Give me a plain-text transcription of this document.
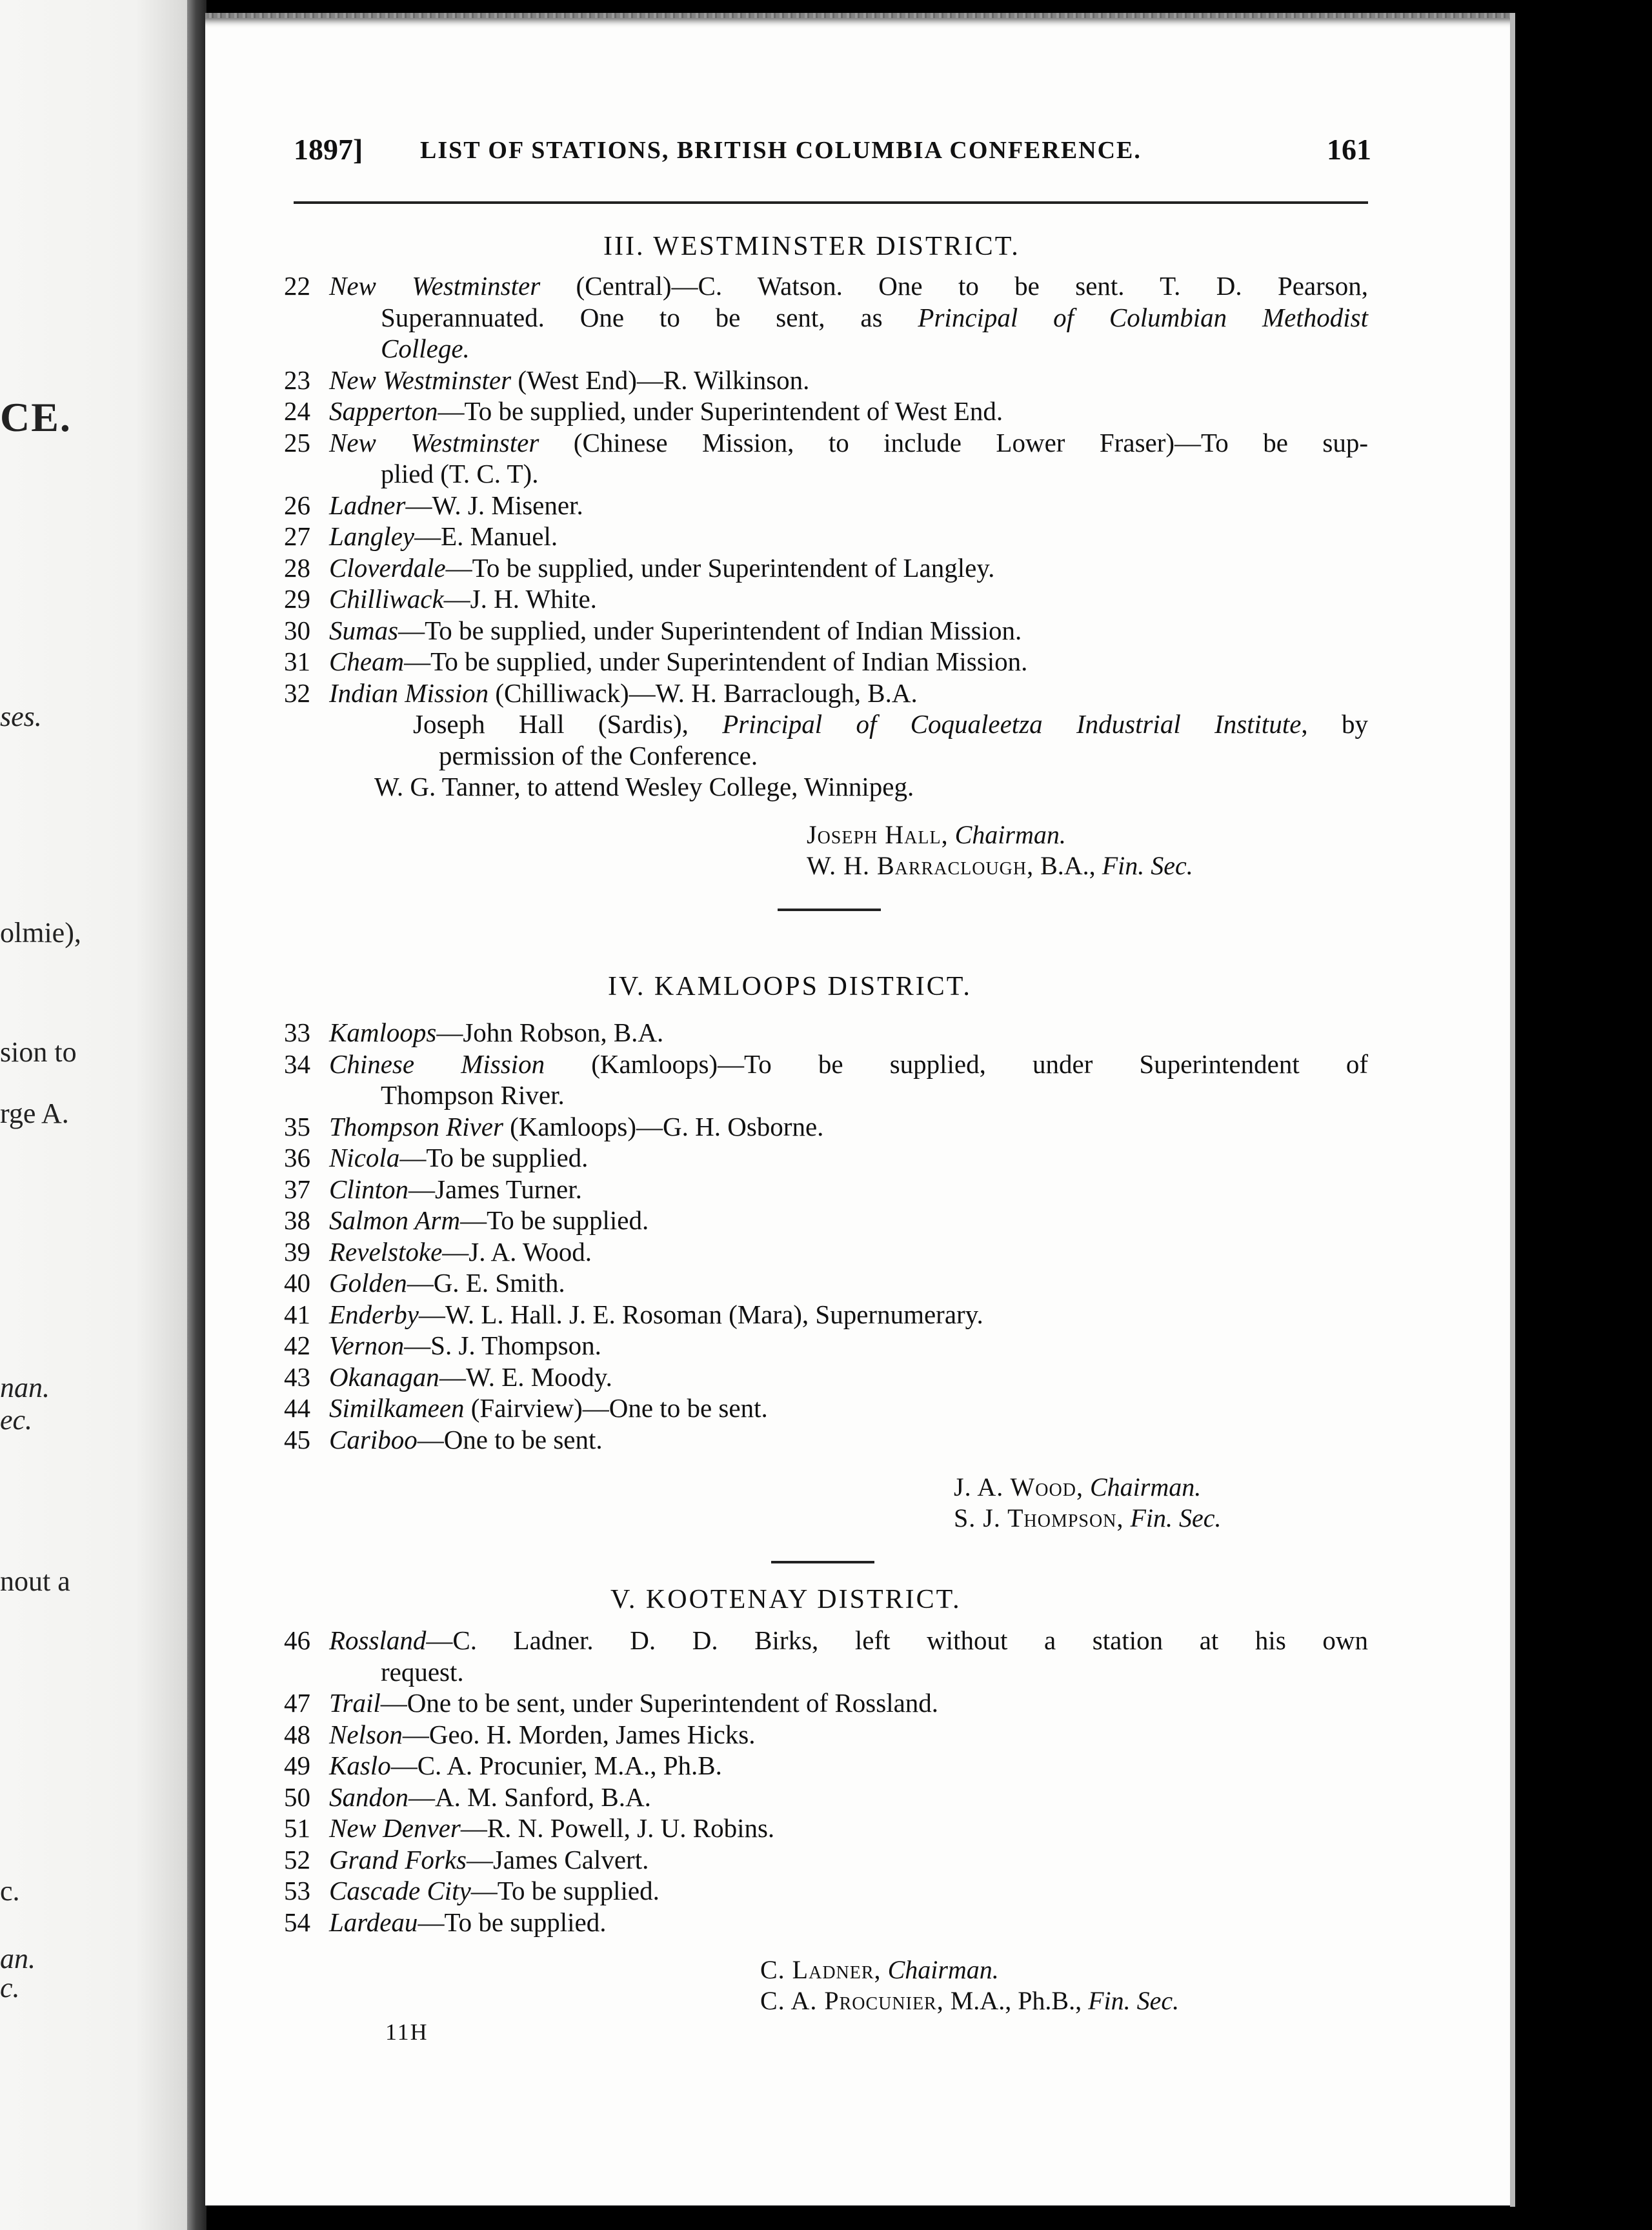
CE.
ses.
olmie),
sion to
rge A.
nan.
ec.
nout a
c.
an.
c.
1897] LIST OF STATIONS, BRITISH COLUMBIA CONFERENCE.	161
III. WESTMINSTER DISTRICT.
22 New Westminster (Central)—C. Watson. One to be sent. T. D. Pearson,
Superannuated. One to be sent, as Principal of Columbian Methodist
College.
23 New Westminster (West End)—R. Wilkinson.
24 Sapperton—To be supplied, under Superintendent of West End.
25 New Westminster (Chinese Mission, to include Lower Fraser)—To be sup-
plied (T. C. T).
26 Ladner—W. J. Misener.
27 Langley—E. Manuel.
28 Cloverdale—To be supplied, under Superintendent of Langley.
29 Chilliwack—J. H. White.
30 Sumas—To be supplied, under Superintendent of Indian Mission.
31 Cheam—To be supplied, under Superintendent of Indian Mission.
32 Indian Mission (Chilliwack)—W. H. Barraclough, B.A.
Joseph Hall (Sardis), Principal of Coqualeetza Industrial Institute, by
permission of the Conference.
W. G. Tanner, to attend Wesley College, Winnipeg.
Joseph Hall, Chairman.
W. H. Barraclough, B.A., Fin. Sec.
IV. KAMLOOPS DISTRICT.
33 Kamloops—John Robson, B.A.
34 Chinese Mission (Kamloops)—To be supplied, under Superintendent of
Thompson River.
35 Thompson River (Kamloops)—G. H. Osborne.
36 Nicola—To be supplied.
37 Clinton—James Turner.
38 Salmon Arm—To be supplied.
39 Revelstoke—J. A. Wood.
40 Golden—G. E. Smith.
41 Enderby—W. L. Hall. J. E. Rosoman (Mara), Supernumerary.
42 Vernon—S. J. Thompson.
43 Okanagan—W. E. Moody.
44 Similkameen (Fairview)—One to be sent.
45 Cariboo—One to be sent.
J. A. Wood, Chairman.
S. J. Thompson, Fin. Sec.
V. KOOTENAY DISTRICT.
46 Rossland—C. Ladner. D. D. Birks, left without a station at his own
request.
47 Trail—One to be sent, under Superintendent of Rossland.
48 Nelson—Geo. H. Morden, James Hicks.
49 Kaslo—C. A. Procunier, M.A., Ph.B.
50 Sandon—A. M. Sanford, B.A.
51 New Denver—R. N. Powell, J. U. Robins.
52 Grand Forks—James Calvert.
53 Cascade City—To be supplied.
54 Lardeau—To be supplied.
C. Ladner, Chairman.
C. A. Procunier, M.A., Ph.B., Fin. Sec.
11H
